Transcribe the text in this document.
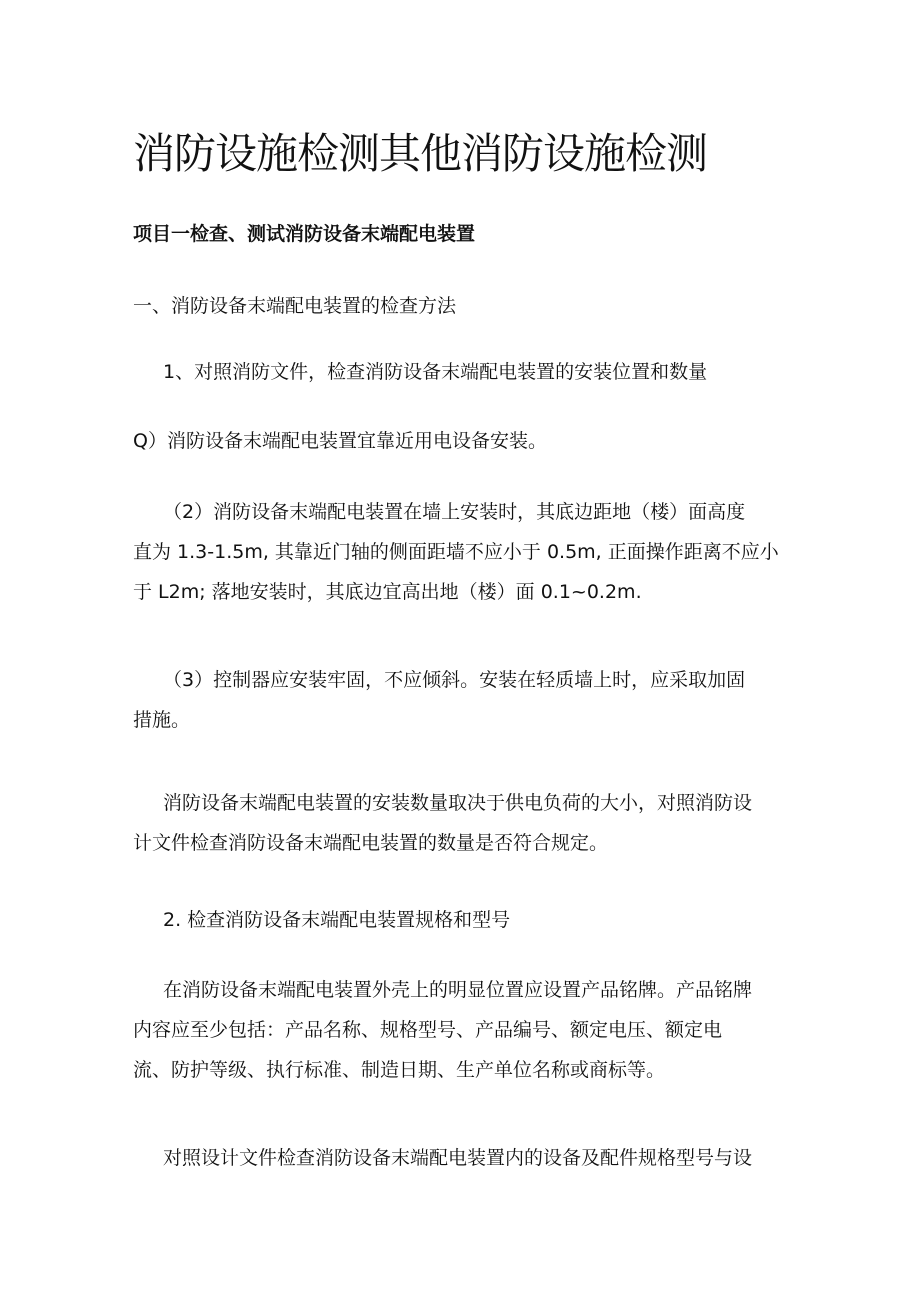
消防设施检测其他消防设施检测

项目一检查、测试消防设备末端配电装置

一、消防设备末端配电装置的检查方法

1、对照消防文件，检查消防设备末端配电装置的安装位置和数量

Q）消防设备末端配电装置宜靠近用电设备安装。

（2）消防设备末端配电装置在墙上安装时，其底边距地（楼）面高度
直为 1.3-1.5m, 其靠近门轴的侧面距墙不应小于 0.5m, 正面操作距离不应小
于 L2m; 落地安装时，其底边宜高出地（楼）面 0.1~0.2m.

（3）控制器应安装牢固，不应倾斜。安装在轻质墙上时，应采取加固
措施。

消防设备末端配电装置的安装数量取决于供电负荷的大小，对照消防设
计文件检查消防设备末端配电装置的数量是否符合规定。

2. 检查消防设备末端配电装置规格和型号

在消防设备末端配电装置外壳上的明显位置应设置产品铭牌。产品铭牌
内容应至少包括：产品名称、规格型号、产品编号、额定电压、额定电
流、防护等级、执行标准、制造日期、生产单位名称或商标等。

对照设计文件检查消防设备末端配电装置内的设备及配件规格型号与设
